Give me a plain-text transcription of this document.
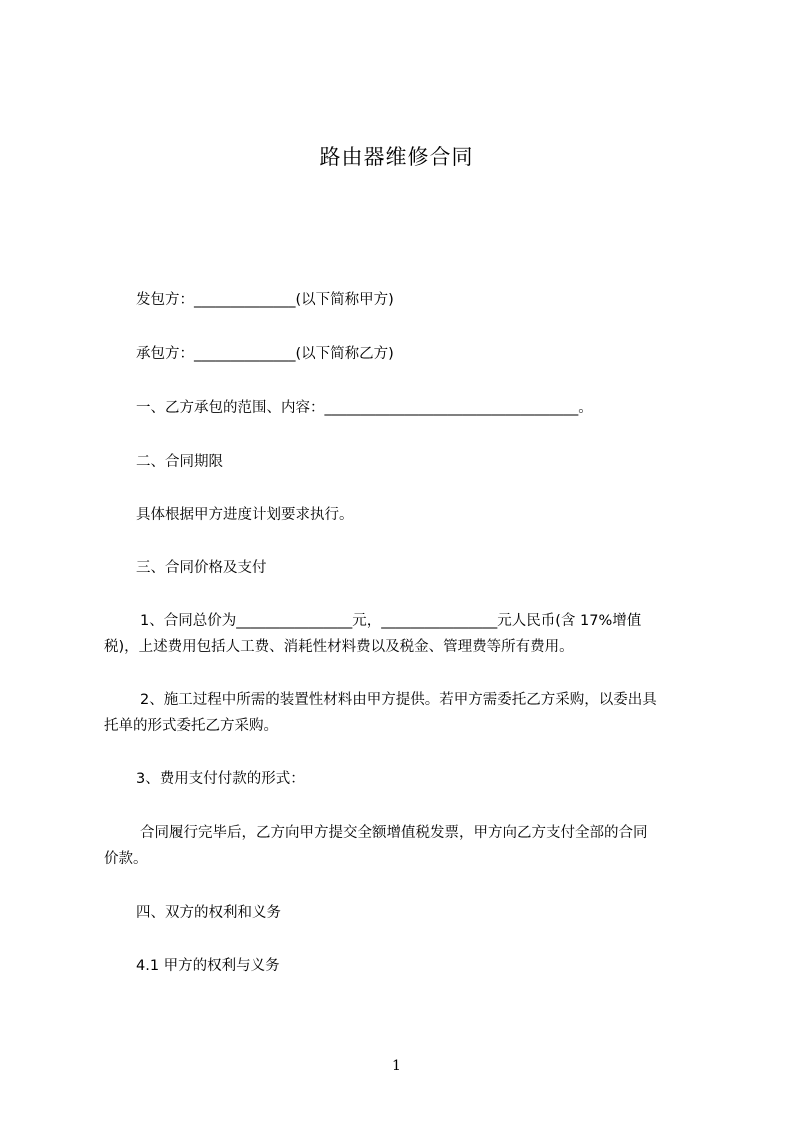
路由器维修合同
发包方：______________(以下简称甲方)
承包方：______________(以下简称乙方)
一、乙方承包的范围、内容：___________________________________。
二、合同期限
具体根据甲方进度计划要求执行。
三、合同价格及支付
1、合同总价为________________元，________________元人民币(含 17%增值
税)，上述费用包括人工费、消耗性材料费以及税金、管理费等所有费用。
2、施工过程中所需的装置性材料由甲方提供。若甲方需委托乙方采购，以委出具
托单的形式委托乙方采购。
3、费用支付付款的形式：
合同履行完毕后，乙方向甲方提交全额增值税发票，甲方向乙方支付全部的合同
价款。
四、双方的权利和义务
4.1 甲方的权利与义务
1
